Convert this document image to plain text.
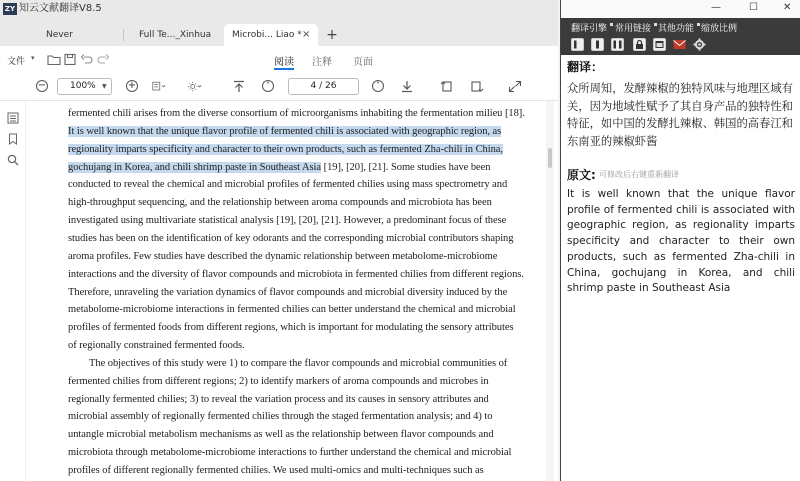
ZY 知云文献翻译V8.5
Never	Full Te..._Xinhua	Microbi... Liao * × +
文件 ▾	阅读 注释 页面
−	100%	▼ +	˄	4 / 26	˅
fermented chili arises from the diverse consortium of microorganisms inhabiting the fermentation milieu [18].
It is well known that the unique flavor profile of fermented chili is associated with geographic region, as
regionality imparts specificity and character to their own products, such as fermented Zha-chili in China,
gochujang in Korea, and chili shrimp paste in Southeast Asia [19], [20], [21]. Some studies have been
conducted to reveal the chemical and microbial profiles of fermented chilies using mass spectrometry and
high-throughput sequencing, and the relationship between aroma compounds and microbiota has been
investigated using multivariate statistical analysis [19], [20], [21]. However, a predominant focus of these
studies has been on the identification of key odorants and the corresponding microbial contributors shaping
aroma profiles. Few studies have described the dynamic relationship between metabolome-microbiome
interactions and the diversity of flavor compounds and microbiota in fermented chilies from different regions.
Therefore, unraveling the variation dynamics of flavor compounds and microbial diversity induced by the
metabolome-microbiome interactions in fermented chilies can better understand the chemical and microbial
profiles of fermented foods from different regions, which is important for modulating the sensory attributes
of regionally constrained fermented foods.
The objectives of this study were 1) to compare the flavor compounds and microbial communities of
fermented chilies from different regions; 2) to identify markers of aroma compounds and microbes in
regionally fermented chilies; 3) to reveal the variation process and its causes in sensory attributes and
microbial assembly of regionally fermented chilies through the staged fermentation analysis; and 4) to
untangle microbial metabolism mechanisms as well as the relationship between flavor compounds and
microbiota through metabolome-microbiome interactions to further understand the chemical and microbial
profiles of different regionally fermented chilies. We used multi-omics and multi-techniques such as
—	☐	✕
翻译引擎 常用链接 其他功能 缩放比例
翻译：
众所周知，发酵辣椒的独特风味与地理区域有关，因为地域性赋予了其自身产品的独特性和特征，如中国的发酵扎辣椒、韩国的高春江和东南亚的辣椒虾酱
原文: 可修改后右键重新翻译
It is well known that the unique flavor profile of fermented chili is associated with geographic region, as regionality imparts specificity and character to their own products, such as fermented Zha-chili in China, gochujang in Korea, and chili shrimp paste in Southeast Asia
